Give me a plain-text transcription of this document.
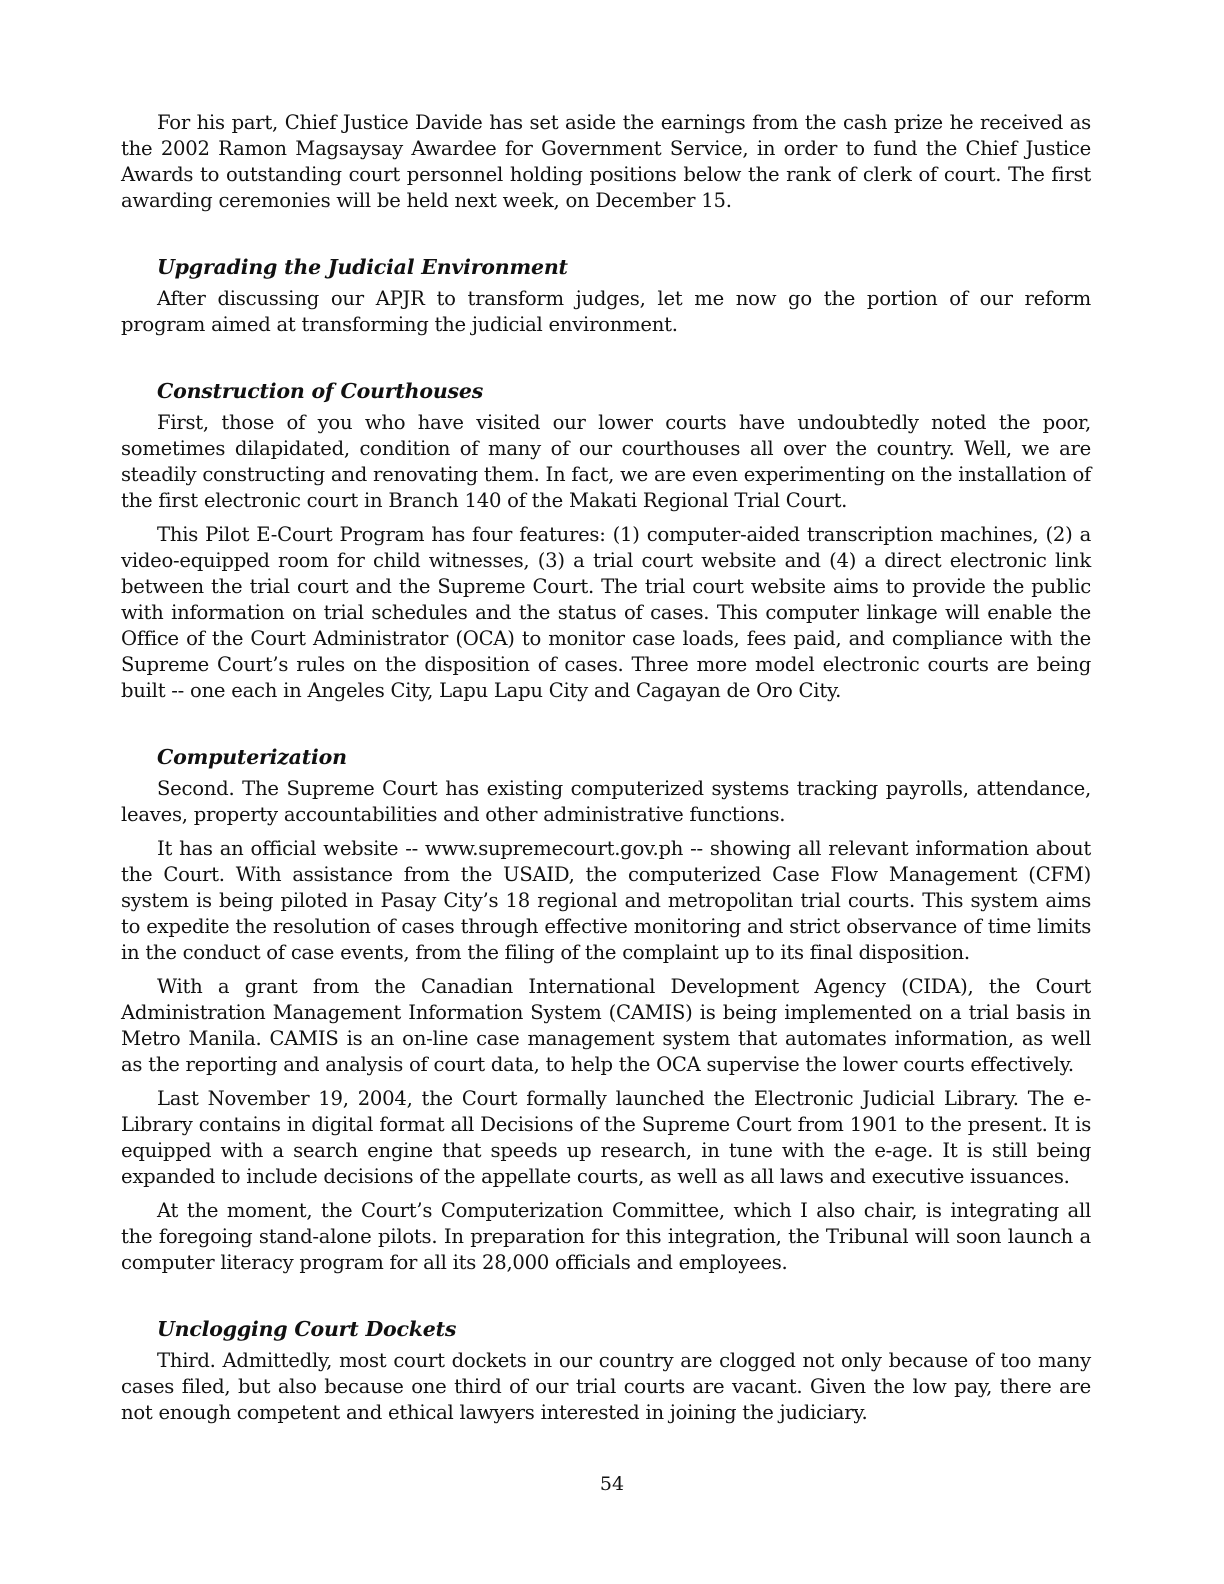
For his part, Chief Justice Davide has set aside the earnings from the cash prize he received as the 2002 Ramon Magsaysay Awardee for Government Service, in order to fund the Chief Justice Awards to outstanding court personnel holding positions below the rank of clerk of court. The first awarding ceremonies will be held next week, on December 15.

Upgrading the Judicial Environment

After discussing our APJR to transform judges, let me now go the portion of our reform program aimed at transforming the judicial environment.

Construction of Courthouses

First, those of you who have visited our lower courts have undoubtedly noted the poor, sometimes dilapidated, condition of many of our courthouses all over the country. Well, we are steadily constructing and renovating them. In fact, we are even experimenting on the installation of the first electronic court in Branch 140 of the Makati Regional Trial Court.

This Pilot E-Court Program has four features: (1) computer-aided transcription machines, (2) a video-equipped room for child witnesses, (3) a trial court website and (4) a direct electronic link between the trial court and the Supreme Court. The trial court website aims to provide the public with information on trial schedules and the status of cases. This computer linkage will enable the Office of the Court Administrator (OCA) to monitor case loads, fees paid, and compliance with the Supreme Court’s rules on the disposition of cases. Three more model electronic courts are being built -- one each in Angeles City, Lapu Lapu City and Cagayan de Oro City.

Computerization

Second. The Supreme Court has existing computerized systems tracking payrolls, attendance, leaves, property accountabilities and other administrative functions.

It has an official website -- www.supremecourt.gov.ph -- showing all relevant information about the Court. With assistance from the USAID, the computerized Case Flow Management (CFM) system is being piloted in Pasay City’s 18 regional and metropolitan trial courts. This system aims to expedite the resolution of cases through effective monitoring and strict observance of time limits in the conduct of case events, from the filing of the complaint up to its final disposition.

With a grant from the Canadian International Development Agency (CIDA), the Court Administration Management Information System (CAMIS) is being implemented on a trial basis in Metro Manila. CAMIS is an on-line case management system that automates information, as well as the reporting and analysis of court data, to help the OCA supervise the lower courts effectively.

Last November 19, 2004, the Court formally launched the Electronic Judicial Library. The e-Library contains in digital format all Decisions of the Supreme Court from 1901 to the present. It is equipped with a search engine that speeds up research, in tune with the e-age. It is still being expanded to include decisions of the appellate courts, as well as all laws and executive issuances.

At the moment, the Court’s Computerization Committee, which I also chair, is integrating all the foregoing stand-alone pilots. In preparation for this integration, the Tribunal will soon launch a computer literacy program for all its 28,000 officials and employees.

Unclogging Court Dockets

Third. Admittedly, most court dockets in our country are clogged not only because of too many cases filed, but also because one third of our trial courts are vacant. Given the low pay, there are not enough competent and ethical lawyers interested in joining the judiciary.

54
